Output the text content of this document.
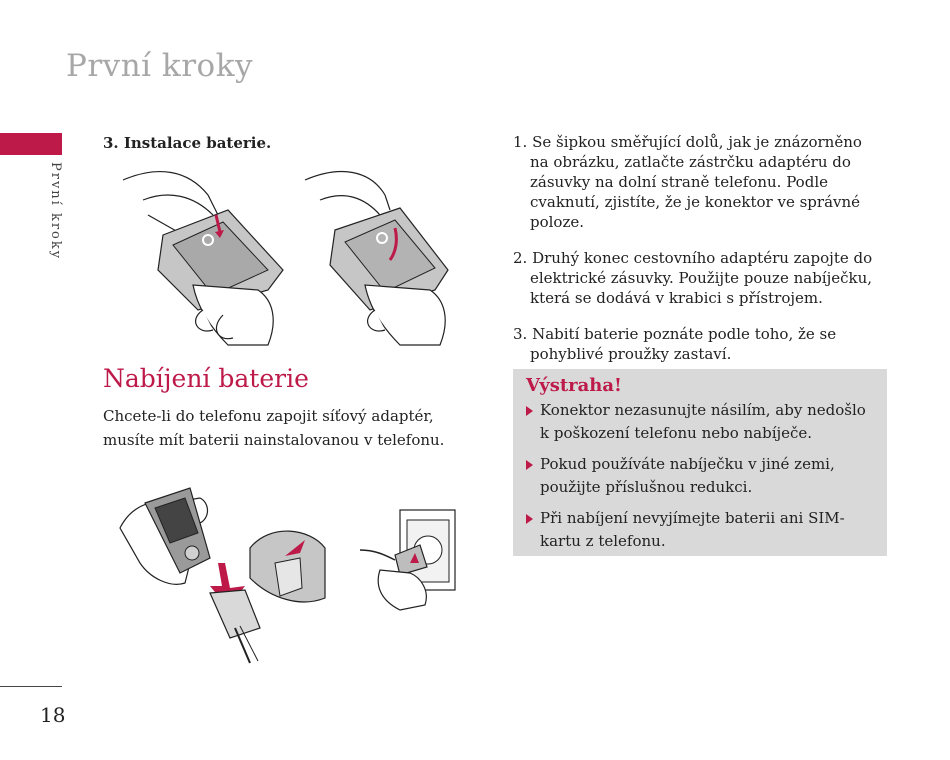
První kroky
První kroky
18
3. Instalace baterie.
Nabíjení baterie
Chcete-li do telefonu zapojit síťový adaptér, musíte mít baterii nainstalovanou v telefonu.
1. Se šipkou směřující dolů, jak je znázorněno na obrázku, zatlačte zástrčku adaptéru do zásuvky na dolní straně telefonu. Podle cvaknutí, zjistíte, že je konektor ve správné poloze.
2. Druhý konec cestovního adaptéru zapojte do elektrické zásuvky. Použijte pouze nabíječku, která se dodává v krabici s přístrojem.
3. Nabití baterie poznáte podle toho, že se pohyblivé proužky zastaví.
Výstraha!
Konektor nezasunujte násilím, aby nedošlo k poškození telefonu nebo nabíječe.
Pokud používáte nabíječku v jiné zemi, použijte příslušnou redukci.
Při nabíjení nevyjímejte baterii ani SIM-kartu z telefonu.
